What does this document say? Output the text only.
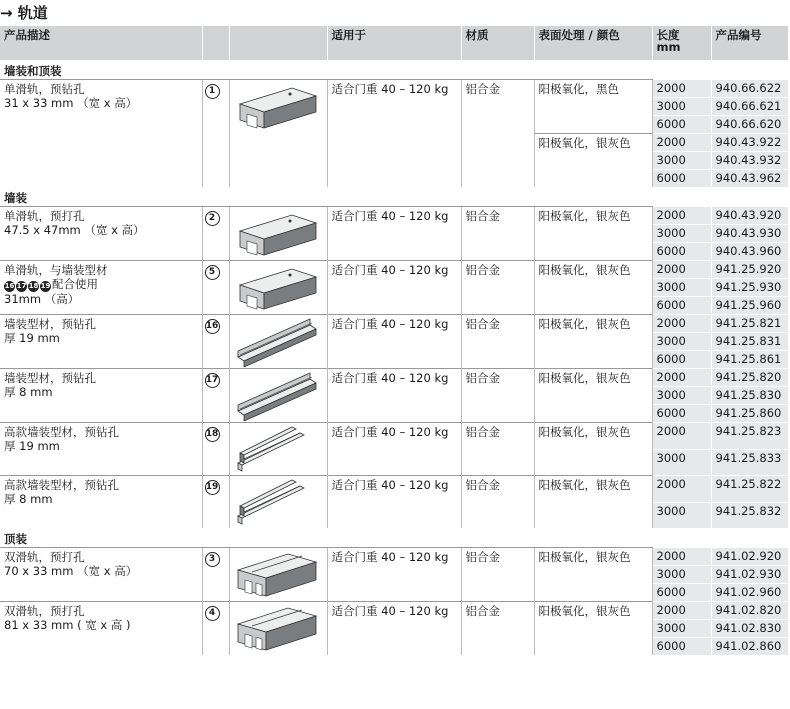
→ 轨道
产品描述			适用于	材质	表面处理 / 颜色	长度 mm	产品编号
墙装和顶装							

单滑轨，预钻孔
31 x 33 mm （宽 x 高）	1		适合门重 40 – 120 kg	铝合金	阳极氧化，黑色	2000	940.66.622
						3000	940.66.621
						6000	940.66.620
					阳极氧化，银灰色	2000	940.43.922
						3000	940.43.932
						6000	940.43.962
墙装							

单滑轨，预打孔
47.5 x 47mm （宽 x 高）	2		适合门重 40 – 120 kg	铝合金	阳极氧化，银灰色	2000	940.43.920
						3000	940.43.930
						6000	940.43.960

单滑轨，与墙装型材
16 17 18 19 配合使用
31mm （高）	5		适合门重 40 – 120 kg	铝合金	阳极氧化，银灰色	2000	941.25.920
						3000	941.25.930
						6000	941.25.960

墙装型材，预钻孔
厚 19 mm	16		适合门重 40 – 120 kg	铝合金	阳极氧化，银灰色	2000	941.25.821
						3000	941.25.831
						6000	941.25.861

墙装型材，预钻孔
厚 8 mm	17		适合门重 40 – 120 kg	铝合金	阳极氧化，银灰色	2000	941.25.820
						3000	941.25.830
						6000	941.25.860

高款墙装型材，预钻孔
厚 19 mm	18		适合门重 40 – 120 kg	铝合金	阳极氧化，银灰色	2000	941.25.823
						3000	941.25.833

高款墙装型材，预钻孔
厚 8 mm	19		适合门重 40 – 120 kg	铝合金	阳极氧化，银灰色	2000	941.25.822
						3000	941.25.832
顶装							

双滑轨，预打孔
70 x 33 mm （宽 x 高）	3		适合门重 40 – 120 kg	铝合金	阳极氧化，银灰色	2000	941.02.920
						3000	941.02.930
						6000	941.02.960

双滑轨，预打孔
81 x 33 mm ( 宽 x 高 )	4		适合门重 40 – 120 kg	铝合金	阳极氧化，银灰色	2000	941.02.820
						3000	941.02.830
						6000	941.02.860
